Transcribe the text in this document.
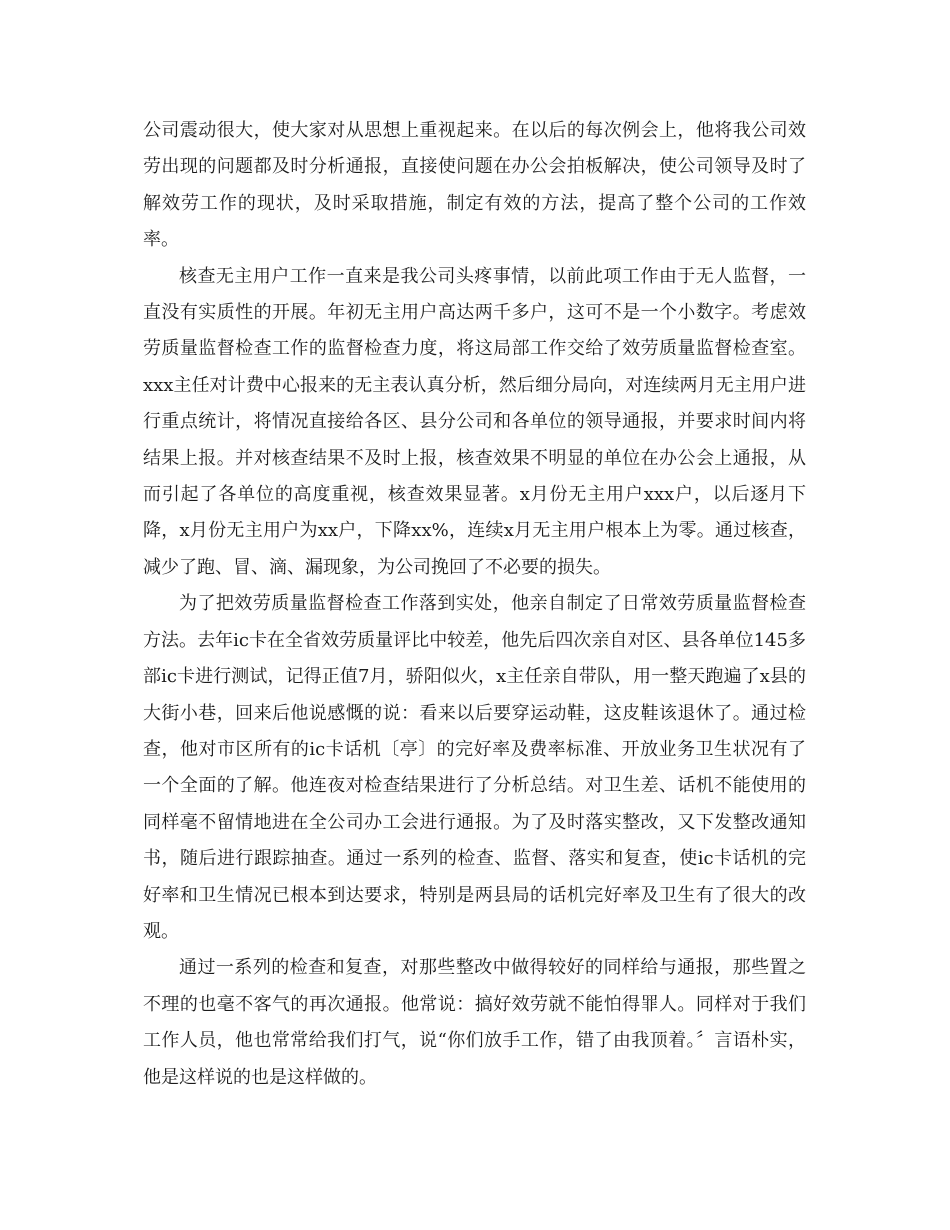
公司震动很大，使大家对从思想上重视起来。在以后的每次例会上，他将我公司效劳出现的问题都及时分析通报，直接使问题在办公会拍板解决，使公司领导及时了解效劳工作的现状，及时采取措施，制定有效的方法，提高了整个公司的工作效率。

核查无主用户工作一直来是我公司头疼事情，以前此项工作由于无人监督，一直没有实质性的开展。年初无主用户高达两千多户，这可不是一个小数字。考虑效劳质量监督检查工作的监督检查力度，将这局部工作交给了效劳质量监督检查室。xxx主任对计费中心报来的无主表认真分析，然后细分局向，对连续两月无主用户进行重点统计，将情况直接给各区、县分公司和各单位的领导通报，并要求时间内将结果上报。并对核查结果不及时上报，核查效果不明显的单位在办公会上通报，从而引起了各单位的高度重视，核查效果显著。x月份无主用户xxx户，以后逐月下降，x月份无主用户为xx户，下降xx%，连续x月无主用户根本上为零。通过核查，减少了跑、冒、滴、漏现象，为公司挽回了不必要的损失。

为了把效劳质量监督检查工作落到实处，他亲自制定了日常效劳质量监督检查方法。去年ic卡在全省效劳质量评比中较差，他先后四次亲自对区、县各单位145多部ic卡进行测试，记得正值7月，骄阳似火，x主任亲自带队，用一整天跑遍了x县的大街小巷，回来后他说感慨的说：看来以后要穿运动鞋，这皮鞋该退休了。通过检查，他对市区所有的ic卡话机〔亭〕的完好率及费率标准、开放业务卫生状况有了一个全面的了解。他连夜对检查结果进行了分析总结。对卫生差、话机不能使用的同样毫不留情地进在全公司办工会进行通报。为了及时落实整改，又下发整改通知书，随后进行跟踪抽查。通过一系列的检查、监督、落实和复查，使ic卡话机的完好率和卫生情况已根本到达要求，特别是两县局的话机完好率及卫生有了很大的改观。

通过一系列的检查和复查，对那些整改中做得较好的同样给与通报，那些置之不理的也毫不客气的再次通报。他常说：搞好效劳就不能怕得罪人。同样对于我们工作人员，他也常常给我们打气，说“你们放手工作，错了由我顶着。〞言语朴实，他是这样说的也是这样做的。
